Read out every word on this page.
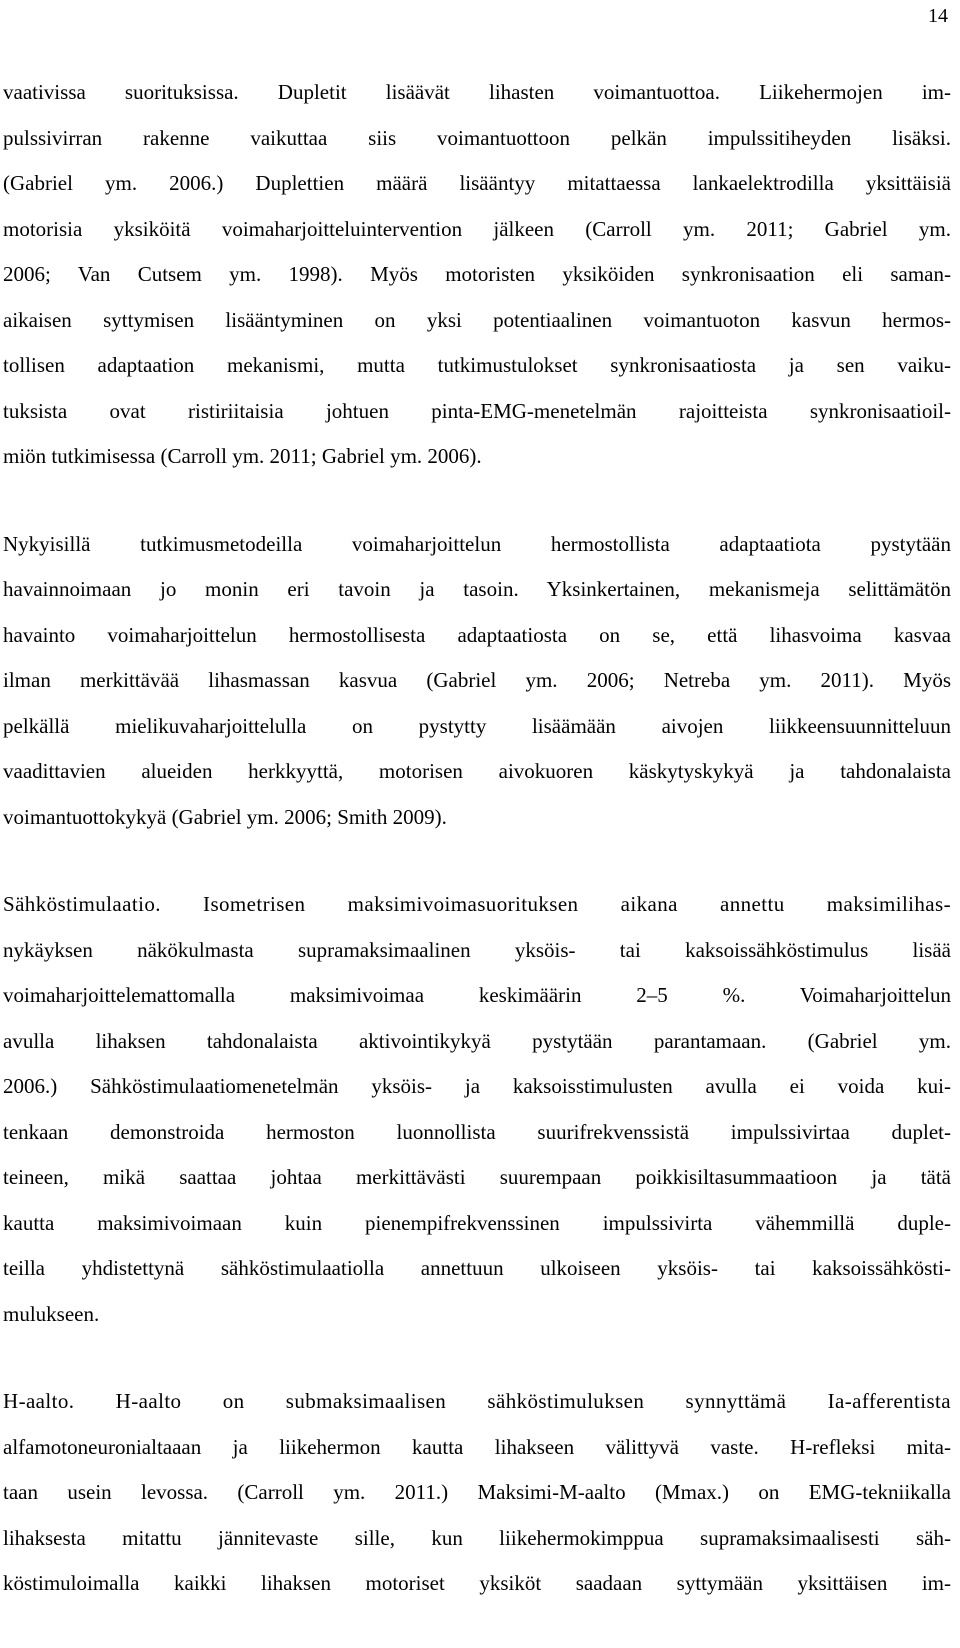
14
vaativissa suorituksissa. Dupletit lisäävät lihasten voimantuottoa. Liikehermojen im-
pulssivirran rakenne vaikuttaa siis voimantuottoon pelkän impulssitiheyden lisäksi.
(Gabriel ym. 2006.) Duplettien määrä lisääntyy mitattaessa lankaelektrodilla yksittäisiä
motorisia yksiköitä voimaharjoitteluintervention jälkeen (Carroll ym. 2011; Gabriel ym.
2006; Van Cutsem ym. 1998). Myös motoristen yksiköiden synkronisaation eli saman-
aikaisen syttymisen lisääntyminen on yksi potentiaalinen voimantuoton kasvun hermos-
tollisen adaptaation mekanismi, mutta tutkimustulokset synkronisaatiosta ja sen vaiku-
tuksista ovat ristiriitaisia johtuen pinta-EMG-menetelmän rajoitteista synkronisaatioil-
miön tutkimisessa (Carroll ym. 2011; Gabriel ym. 2006).
Nykyisillä tutkimusmetodeilla voimaharjoittelun hermostollista adaptaatiota pystytään
havainnoimaan jo monin eri tavoin ja tasoin. Yksinkertainen, mekanismeja selittämätön
havainto voimaharjoittelun hermostollisesta adaptaatiosta on se, että lihasvoima kasvaa
ilman merkittävää lihasmassan kasvua (Gabriel ym. 2006; Netreba ym. 2011). Myös
pelkällä mielikuvaharjoittelulla on pystytty lisäämään aivojen liikkeensuunnitteluun
vaadittavien alueiden herkkyyttä, motorisen aivokuoren käskytyskykyä ja tahdonalaista
voimantuottokykyä (Gabriel ym. 2006; Smith 2009).
Sähköstimulaatio. Isometrisen maksimivoimasuorituksen aikana annettu maksimilihas-
nykäyksen näkökulmasta supramaksimaalinen yksöis- tai kaksoissähköstimulus lisää
voimaharjoittelemattomalla maksimivoimaa keskimäärin 2–5 %. Voimaharjoittelun
avulla lihaksen tahdonalaista aktivointikykyä pystytään parantamaan. (Gabriel ym.
2006.) Sähköstimulaatiomenetelmän yksöis- ja kaksoisstimulusten avulla ei voida kui-
tenkaan demonstroida hermoston luonnollista suurifrekvenssistä impulssivirtaa duplet-
teineen, mikä saattaa johtaa merkittävästi suurempaan poikkisiltasummaatioon ja tätä
kautta maksimivoimaan kuin pienempifrekvenssinen impulssivirta vähemmillä duple-
teilla yhdistettynä sähköstimulaatiolla annettuun ulkoiseen yksöis- tai kaksoissähkösti-
mulukseen.
H-aalto. H-aalto on submaksimaalisen sähköstimuluksen synnyttämä Ia-afferentista
alfamotoneuronialtaaan ja liikehermon kautta lihakseen välittyvä vaste. H-refleksi mita-
taan usein levossa. (Carroll ym. 2011.) Maksimi-M-aalto (Mmax.) on EMG-tekniikalla
lihaksesta mitattu jännitevaste sille, kun liikehermokimppua supramaksimaalisesti säh-
köstimuloimalla kaikki lihaksen motoriset yksiköt saadaan syttymään yksittäisen im-
